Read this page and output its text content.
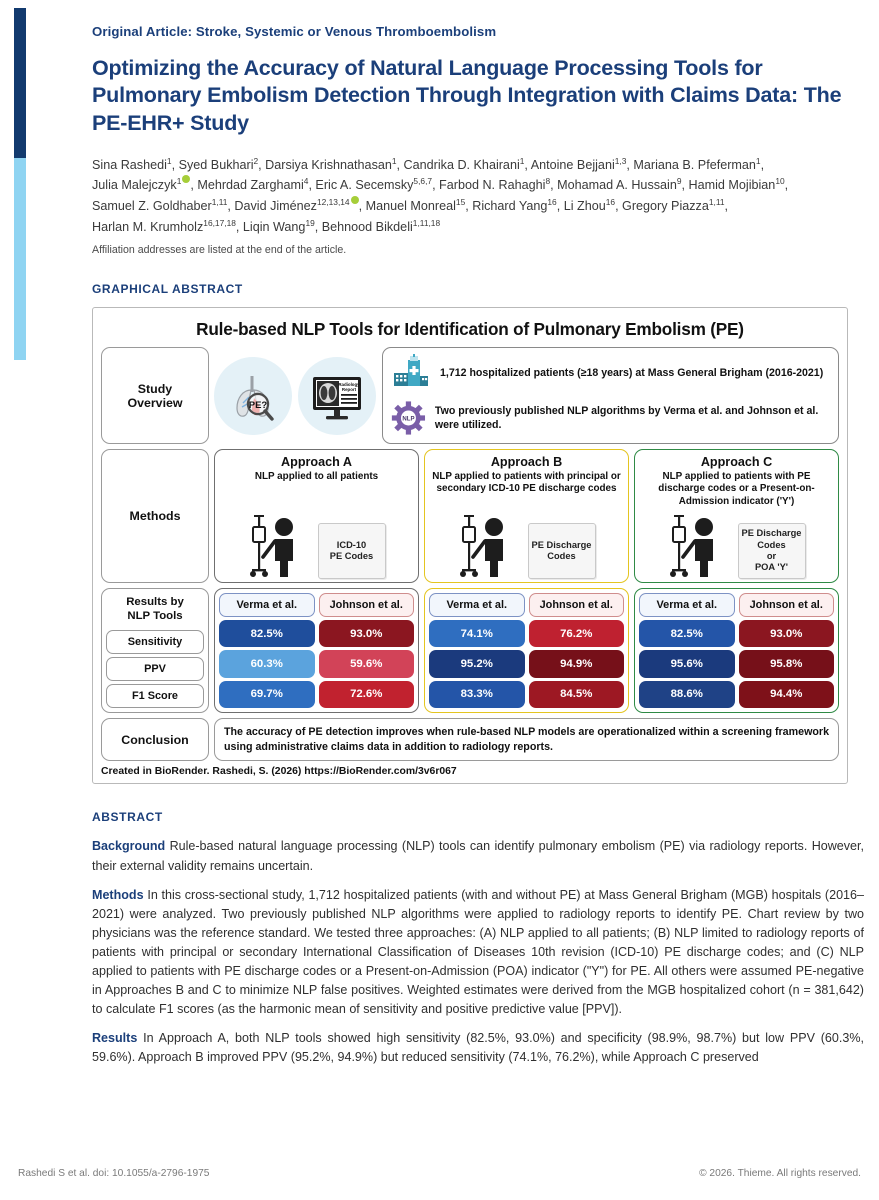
Original Article: Stroke, Systemic or Venous Thromboembolism
Optimizing the Accuracy of Natural Language Processing Tools for Pulmonary Embolism Detection Through Integration with Claims Data: The PE-EHR+ Study
Sina Rashedi$^1$, Syed Bukhari$^2$, Darsiya Krishnathasan$^1$, Candrika D. Khairani$^1$, Antoine Bejjani$^{1,3}$, Mariana B. Pfeferman$^1$,
Julia Malejczyk$^1$ , Mehrdad Zarghami$^4$, Eric A. Secemsky$^{5,6,7}$, Farbod N. Rahaghi$^8$, Mohamad A. Hussain$^9$, Hamid Mojibian$^{10}$,
Samuel Z. Goldhaber$^{1,11}$, David Jiménez$^{12,13,14}$ , Manuel Monreal$^{15}$, Richard Yang$^{16}$, Li Zhou$^{16}$, Gregory Piazza$^{1,11}$,
Harlan M. Krumholz$^{16,17,18}$, Liqin Wang$^{19}$, Behnood Bikdeli$^{1,11,18}$
Affiliation addresses are listed at the end of the article.
GRAPHICAL ABSTRACT
Rule-based NLP Tools for Identification of Pulmonary Embolism (PE)
Study
Overview	PE?
Radiology
Report
1,712 hospitalized patients (≥18 years) at Mass General Brigham (2016-2021)
NLP
Two previously published NLP algorithms by Verma et al. and Johnson et al. were utilized.
Methods
Approach A
NLP applied to all patients
ICD-10
PE Codes
Approach B
NLP applied to patients with principal or secondary ICD-10 PE discharge codes
PE Discharge
Codes
Approach C
NLP applied to patients with PE discharge codes or a Present-on-Admission indicator ('Y')
PE Discharge
Codes
or
POA 'Y'
Results by
NLP Tools
Sensitivity
PPV
F1 Score
Verma et al.
82.5%
60.3%
69.7%
Johnson et al.
93.0%
59.6%
72.6%
Verma et al.
74.1%
95.2%
83.3%
Johnson et al.
76.2%
94.9%
84.5%
Verma et al.
82.5%
95.6%
88.6%
Johnson et al.
93.0%
95.8%
94.4%
Conclusion
The accuracy of PE detection improves when rule-based NLP models are operationalized within a screening framework using administrative claims data in addition to radiology reports.
Created in BioRender. Rashedi, S. (2026) https://BioRender.com/3v6r067
ABSTRACT

Background Rule-based natural language processing (NLP) tools can identify pulmonary embolism (PE) via radiology reports. However, their external validity remains uncertain.

Methods In this cross-sectional study, 1,712 hospitalized patients (with and without PE) at Mass General Brigham (MGB) hospitals (2016–2021) were analyzed. Two previously published NLP algorithms were applied to radiology reports to identify PE. Chart review by two physicians was the reference standard. We tested three approaches: (A) NLP applied to all patients; (B) NLP limited to radiology reports of patients with principal or secondary International Classification of Diseases 10th revision (ICD-10) PE discharge codes; and (C) NLP applied to patients with PE discharge codes or a Present-on-Admission (POA) indicator ("Y") for PE. All others were assumed PE-negative in Approaches B and C to minimize NLP false positives. Weighted estimates were derived from the MGB hospitalized cohort (n = 381,642) to calculate F1 scores (as the harmonic mean of sensitivity and positive predictive value [PPV]).

Results In Approach A, both NLP tools showed high sensitivity (82.5%, 93.0%) and specificity (98.9%, 98.7%) but low PPV (60.3%, 59.6%). Approach B improved PPV (95.2%, 94.9%) but reduced sensitivity (74.1%, 76.2%), while Approach C preserved

Rashedi S et al. doi: 10.1055/a-2796-1975	© 2026. Thieme. All rights reserved.
